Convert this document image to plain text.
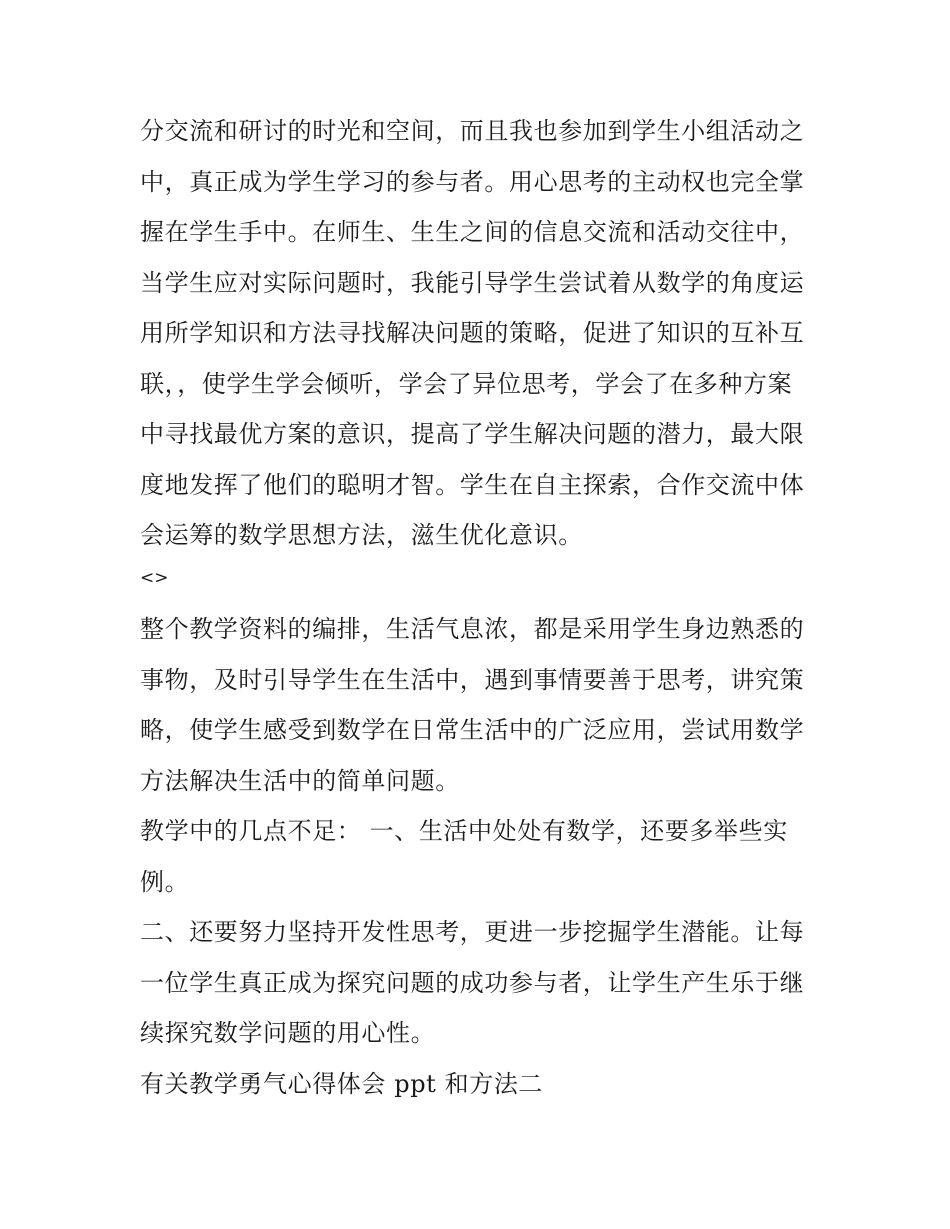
分交流和研讨的时光和空间，而且我也参加到学生小组活动之
中，真正成为学生学习的参与者。用心思考的主动权也完全掌
握在学生手中。在师生、生生之间的信息交流和活动交往中，
当学生应对实际问题时，我能引导学生尝试着从数学的角度运
用所学知识和方法寻找解决问题的策略，促进了知识的互补互
联，，使学生学会倾听，学会了异位思考，学会了在多种方案
中寻找最优方案的意识，提高了学生解决问题的潜力，最大限
度地发挥了他们的聪明才智。学生在自主探索，合作交流中体
会运筹的数学思想方法，滋生优化意识。

<>

整个教学资料的编排，生活气息浓，都是采用学生身边熟悉的
事物，及时引导学生在生活中，遇到事情要善于思考，讲究策
略，使学生感受到数学在日常生活中的广泛应用，尝试用数学
方法解决生活中的简单问题。

教学中的几点不足： 一、生活中处处有数学，还要多举些实
例。

二、还要努力坚持开发性思考，更进一步挖掘学生潜能。让每
一位学生真正成为探究问题的成功参与者，让学生产生乐于继
续探究数学问题的用心性。

有关教学勇气心得体会 ppt 和方法二
